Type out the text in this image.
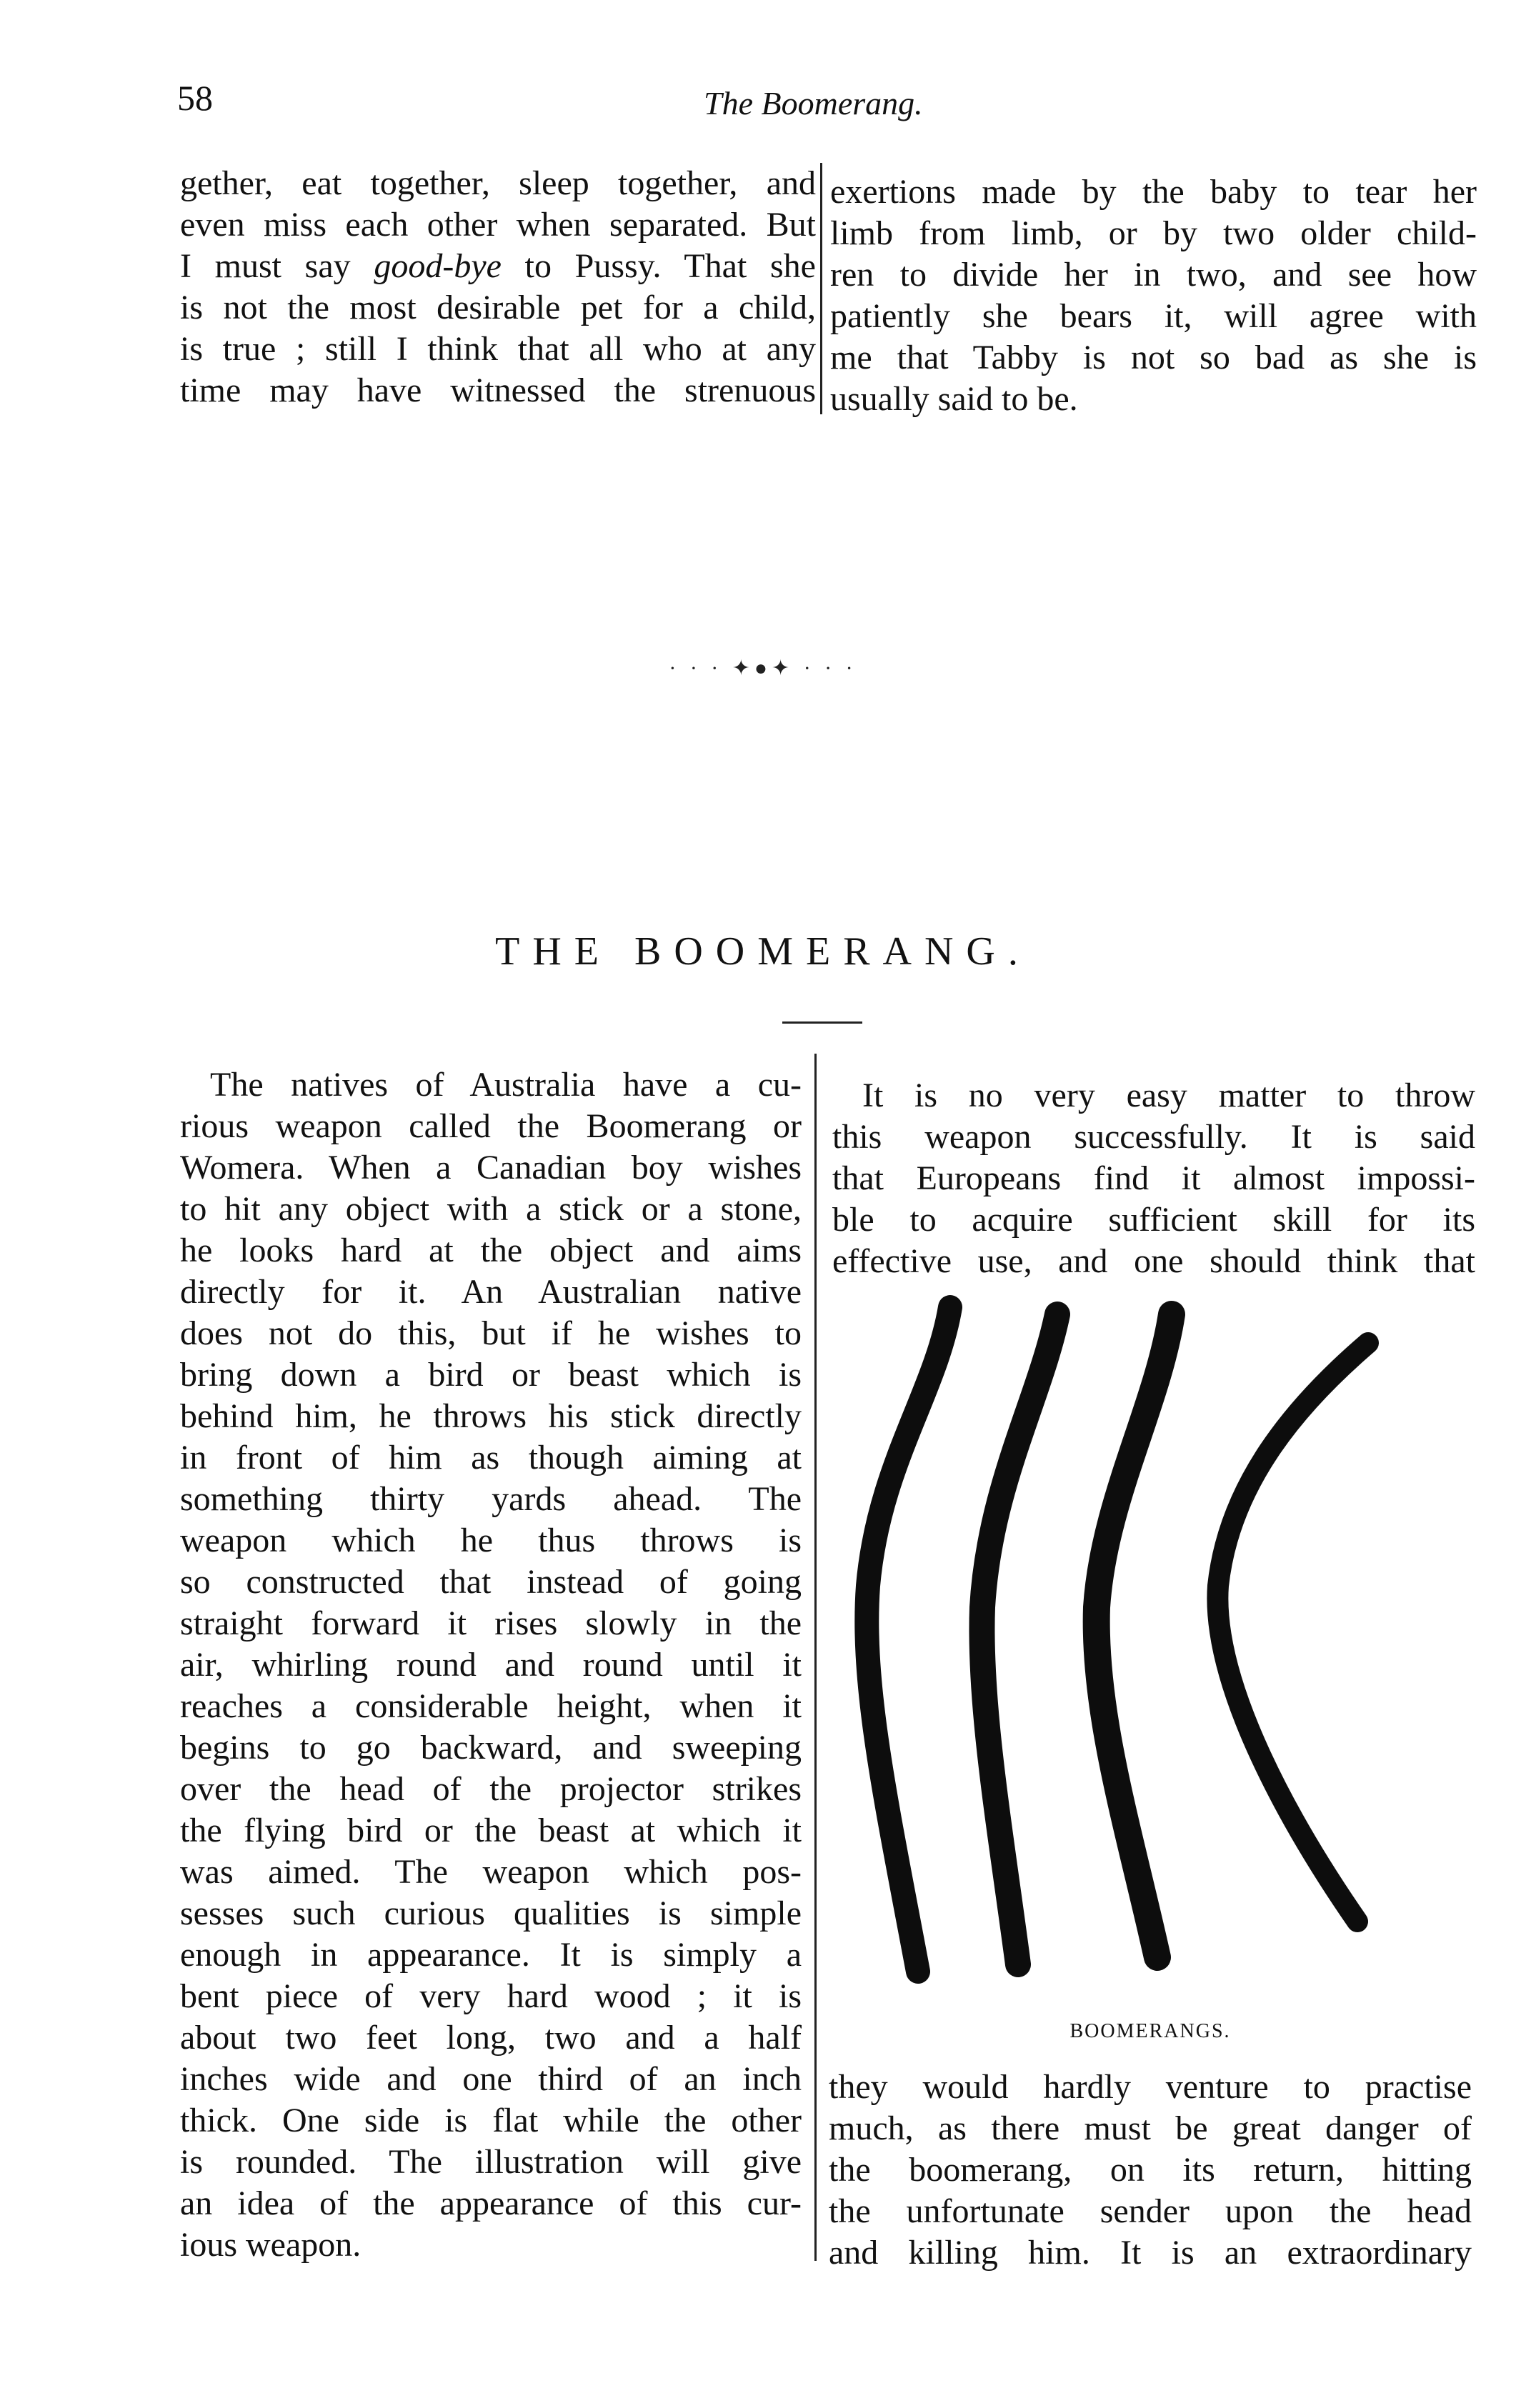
58	The Boomerang.

gether, eat together, sleep together, and

even miss each other when separated. But

I must say good-bye to Pussy. That she

is not the most desirable pet for a child,

is true ; still I think that all who at any

time may have witnessed the strenuous

exertions made by the baby to tear her

limb from limb, or by two older child-

ren to divide her in two, and see how

patiently she bears it, will agree with

me that Tabby is not so bad as she is

usually said to be.

· · · ✦●✦ · · ·
THE BOOMERANG.

The natives of Australia have a cu-

rious weapon called the Boomerang or

Womera. When a Canadian boy wishes

to hit any object with a stick or a stone,

he looks hard at the object and aims

directly for it. An Australian native

does not do this, but if he wishes to

bring down a bird or beast which is

behind him, he throws his stick directly

in front of him as though aiming at

something thirty yards ahead. The

weapon which he thus throws is

so constructed that instead of going

straight forward it rises slowly in the

air, whirling round and round until it

reaches a considerable height, when it

begins to go backward, and sweeping

over the head of the projector strikes

the flying bird or the beast at which it

was aimed. The weapon which pos-

sesses such curious qualities is simple

enough in appearance. It is simply a

bent piece of very hard wood ; it is

about two feet long, two and a half

inches wide and one third of an inch

thick. One side is flat while the other

is rounded. The illustration will give

an idea of the appearance of this cur-

ious weapon.

It is no very easy matter to throw

this weapon successfully. It is said

that Europeans find it almost impossi-

ble to acquire sufficient skill for its

effective use, and one should think that

BOOMERANGS.

they would hardly venture to practise

much, as there must be great danger of

the boomerang, on its return, hitting

the unfortunate sender upon the head

and killing him. It is an extraordinary
